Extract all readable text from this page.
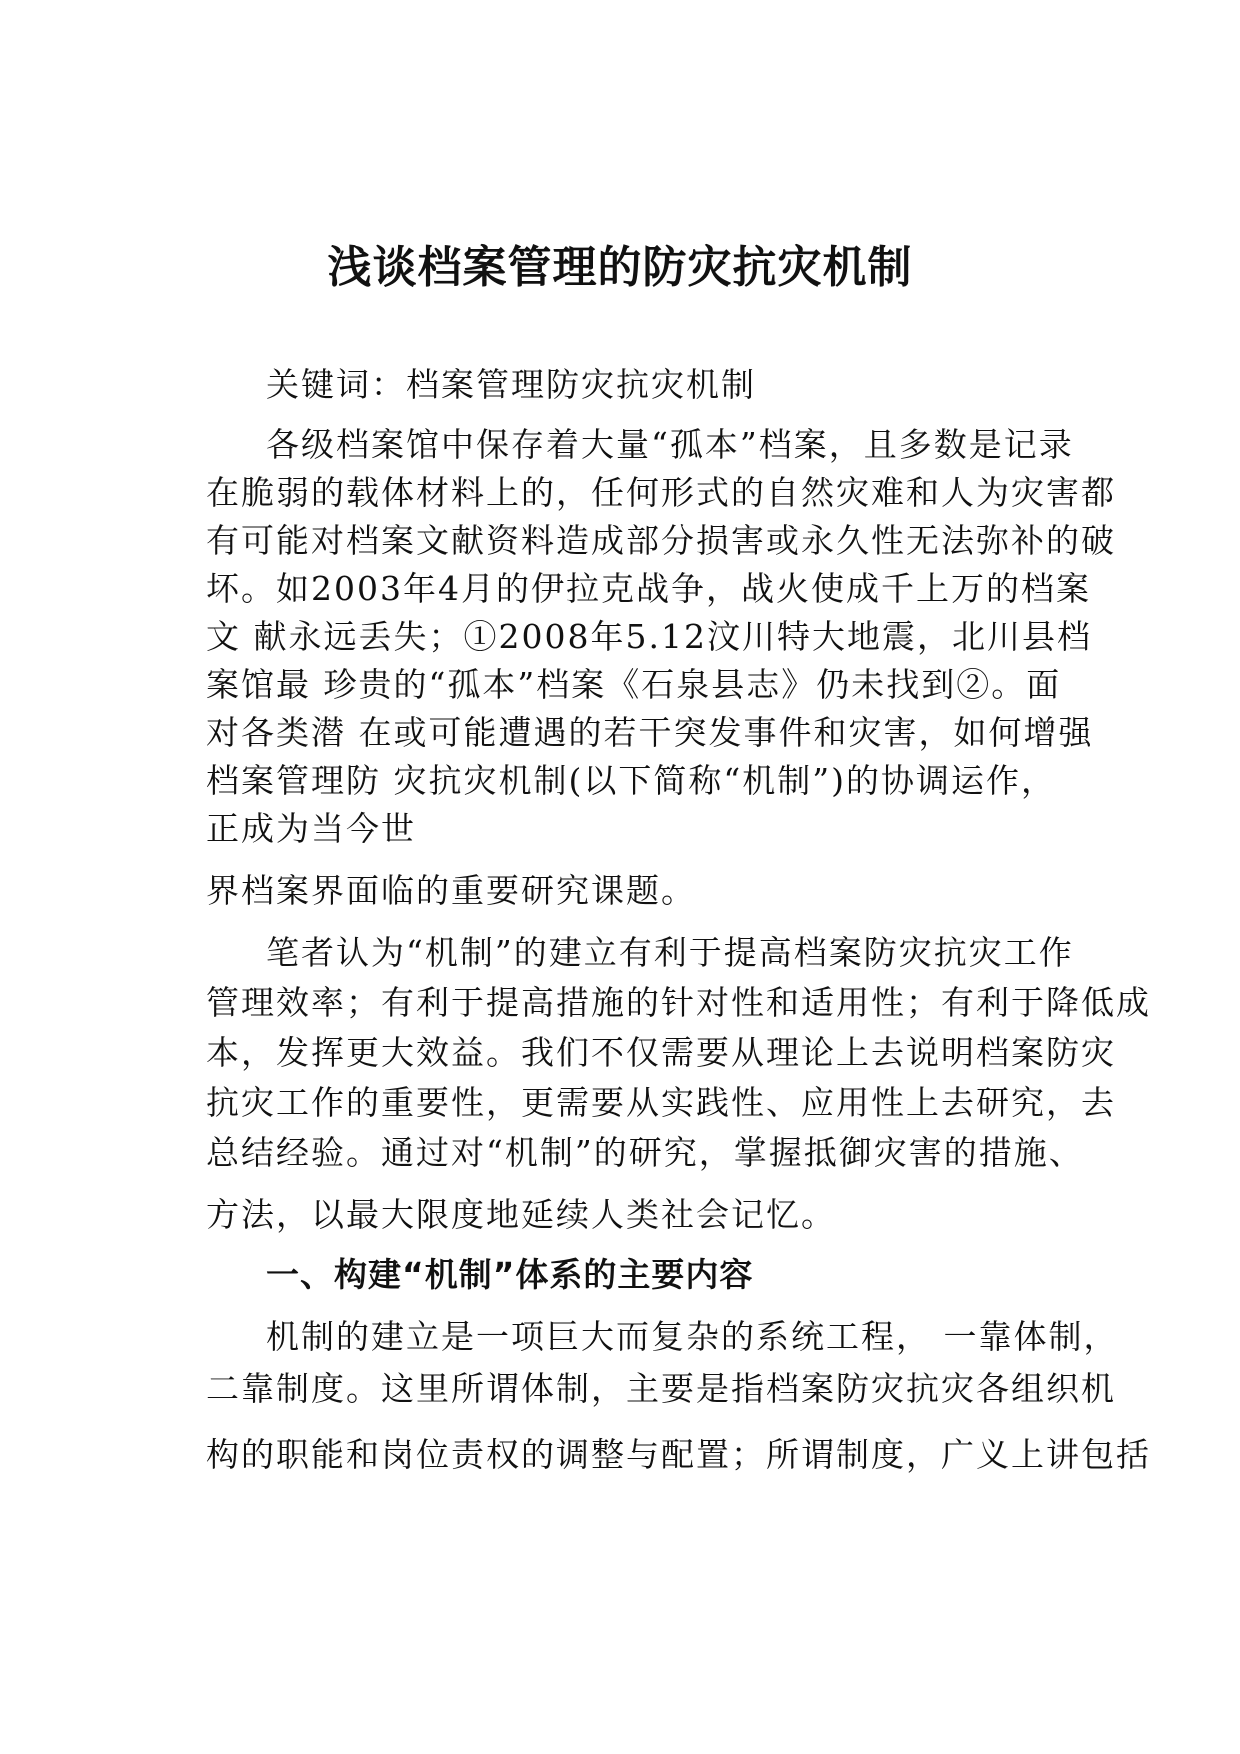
浅谈档案管理的防灾抗灾机制
关键词：档案管理防灾抗灾机制
各级档案馆中保存着大量“孤本”档案，且多数是记录
在脆弱的载体材料上的，任何形式的自然灾难和人为灾害都
有可能对档案文献资料造成部分损害或永久性无法弥补的破
坏。如2003年4月的伊拉克战争，战火使成千上万的档案
文 献永远丢失；①2008年5.12汶川特大地震，北川县档
案馆最 珍贵的“孤本”档案《石泉县志》仍未找到②。面
对各类潜 在或可能遭遇的若干突发事件和灾害，如何增强
档案管理防 灾抗灾机制(以下简称“机制”)的协调运作，
正成为当今世
界档案界面临的重要研究课题。
笔者认为“机制”的建立有利于提高档案防灾抗灾工作
管理效率；有利于提高措施的针对性和适用性；有利于降低成
本，发挥更大效益。我们不仅需要从理论上去说明档案防灾
抗灾工作的重要性，更需要从实践性、应用性上去研究，去
总结经验。通过对“机制”的研究，掌握抵御灾害的措施、
方法，以最大限度地延续人类社会记忆。
一、构建“机制”体系的主要内容
机制的建立是一项巨大而复杂的系统工程， 一靠体制，
二靠制度。这里所谓体制，主要是指档案防灾抗灾各组织机
构的职能和岗位责权的调整与配置；所谓制度，广义上讲包括
